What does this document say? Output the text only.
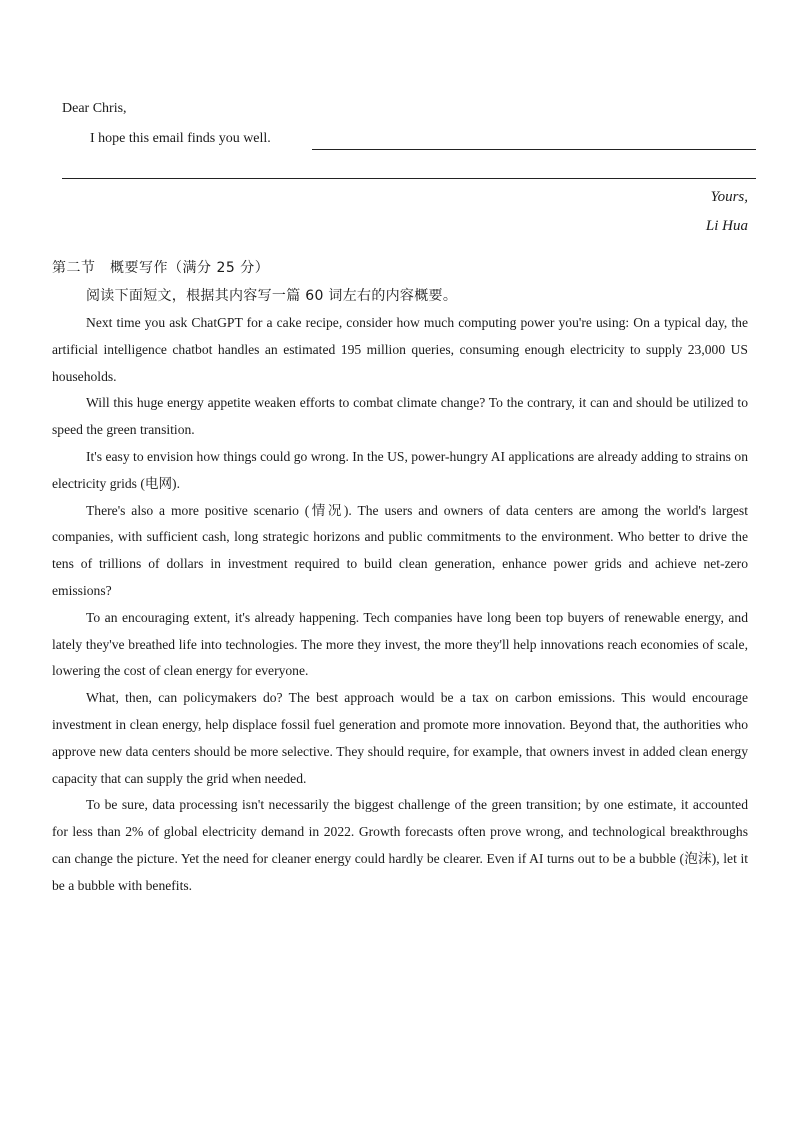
Dear Chris,
I hope this email finds you well.
Yours,
Li Hua
第二节　概要写作（满分 25 分）
阅读下面短文，根据其内容写一篇 60 词左右的内容概要。

Next time you ask ChatGPT for a cake recipe, consider how much computing power you're using: On a typical day, the artificial intelligence chatbot handles an estimated 195 million queries, consuming enough electricity to supply 23,000 US households.

Will this huge energy appetite weaken efforts to combat climate change? To the contrary, it can and should be utilized to speed the green transition.

It's easy to envision how things could go wrong. In the US, power-hungry AI applications are already adding to strains on electricity grids (电网).

There's also a more positive scenario (情况). The users and owners of data centers are among the world's largest companies, with sufficient cash, long strategic horizons and public commitments to the environment. Who better to drive the tens of trillions of dollars in investment required to build clean generation, enhance power grids and achieve net-zero emissions?

To an encouraging extent, it's already happening. Tech companies have long been top buyers of renewable energy, and lately they've breathed life into technologies. The more they invest, the more they'll help innovations reach economies of scale, lowering the cost of clean energy for everyone.

What, then, can policymakers do? The best approach would be a tax on carbon emissions. This would encourage investment in clean energy, help displace fossil fuel generation and promote more innovation. Beyond that, the authorities who approve new data centers should be more selective. They should require, for example, that owners invest in added clean energy capacity that can supply the grid when needed.

To be sure, data processing isn't necessarily the biggest challenge of the green transition; by one estimate, it accounted for less than 2% of global electricity demand in 2022. Growth forecasts often prove wrong, and technological breakthroughs can change the picture. Yet the need for cleaner energy could hardly be clearer. Even if AI turns out to be a bubble (泡沫), let it be a bubble with benefits.
